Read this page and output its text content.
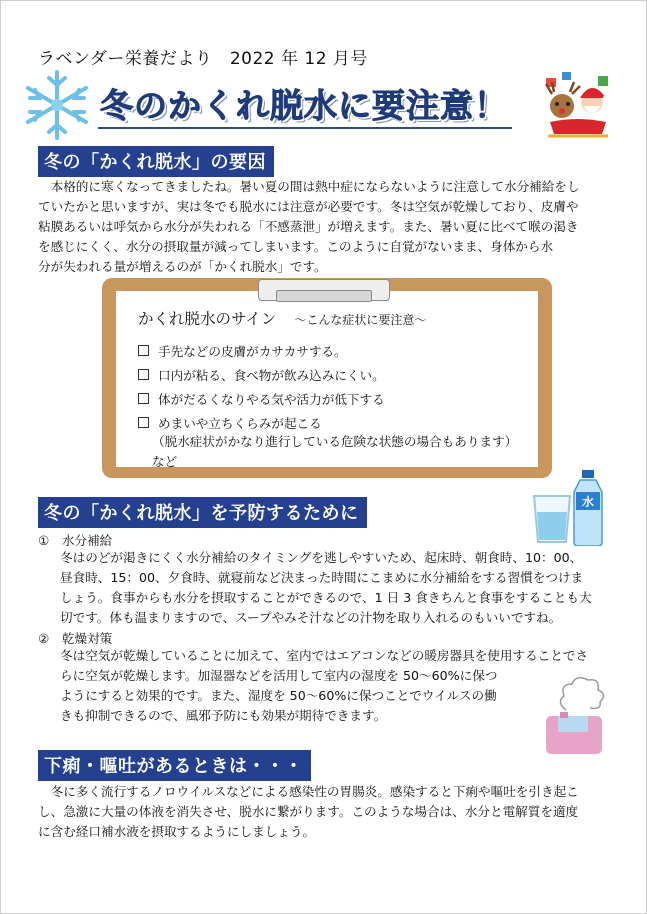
ラベンダー栄養だより　2022 年 12 月号
冬のかくれ脱水に要注意！
冬の「かくれ脱水」の要因
　本格的に寒くなってきましたね。暑い夏の間は熱中症にならないように注意して水分補給をし
ていたかと思いますが、実は冬でも脱水には注意が必要です。冬は空気が乾燥しており、皮膚や
粘膜あるいは呼気から水分が失われる「不感蒸泄」が増えます。また、暑い夏に比べて喉の渇き
を感じにくく、水分の摂取量が減ってしまいます。このように自覚がないまま、身体から水
分が失われる量が増えるのが「かくれ脱水」です。
かくれ脱水のサイン ～こんな症状に要注意～
手先などの皮膚がカサカサする。
口内が粘る、食べ物が飲み込みにくい。
体がだるくなりやる気や活力が低下する
めまいや立ちくらみが起こる
（脱水症状がかなり進行している危険な状態の場合もあります）
など
冬の「かくれ脱水」を予防するために
水
①　水分補給
冬はのどが渇きにくく水分補給のタイミングを逃しやすいため、起床時、朝食時、10：00、
昼食時、15：00、夕食時、就寝前など決まった時間にこまめに水分補給をする習慣をつけま
しょう。食事からも水分を摂取することができるので、1 日 3 食きちんと食事をすることも大
切です。体も温まりますので、スープやみそ汁などの汁物を取り入れるのもいいですね。
②　乾燥対策
冬は空気が乾燥していることに加えて、室内ではエアコンなどの暖房器具を使用することでさ
らに空気が乾燥します。加湿器などを活用して室内の湿度を 50～60%に保つ
ようにすると効果的です。また、湿度を 50～60%に保つことでウイルスの働
きも抑制できるので、風邪予防にも効果が期待できます。
下痢・嘔吐があるときは・・・
　冬に多く流行するノロウイルスなどによる感染性の胃腸炎。感染すると下痢や嘔吐を引き起こ
し、急激に大量の体液を消失させ、脱水に繋がります。このような場合は、水分と電解質を適度
に含む経口補水液を摂取するようにしましょう。
